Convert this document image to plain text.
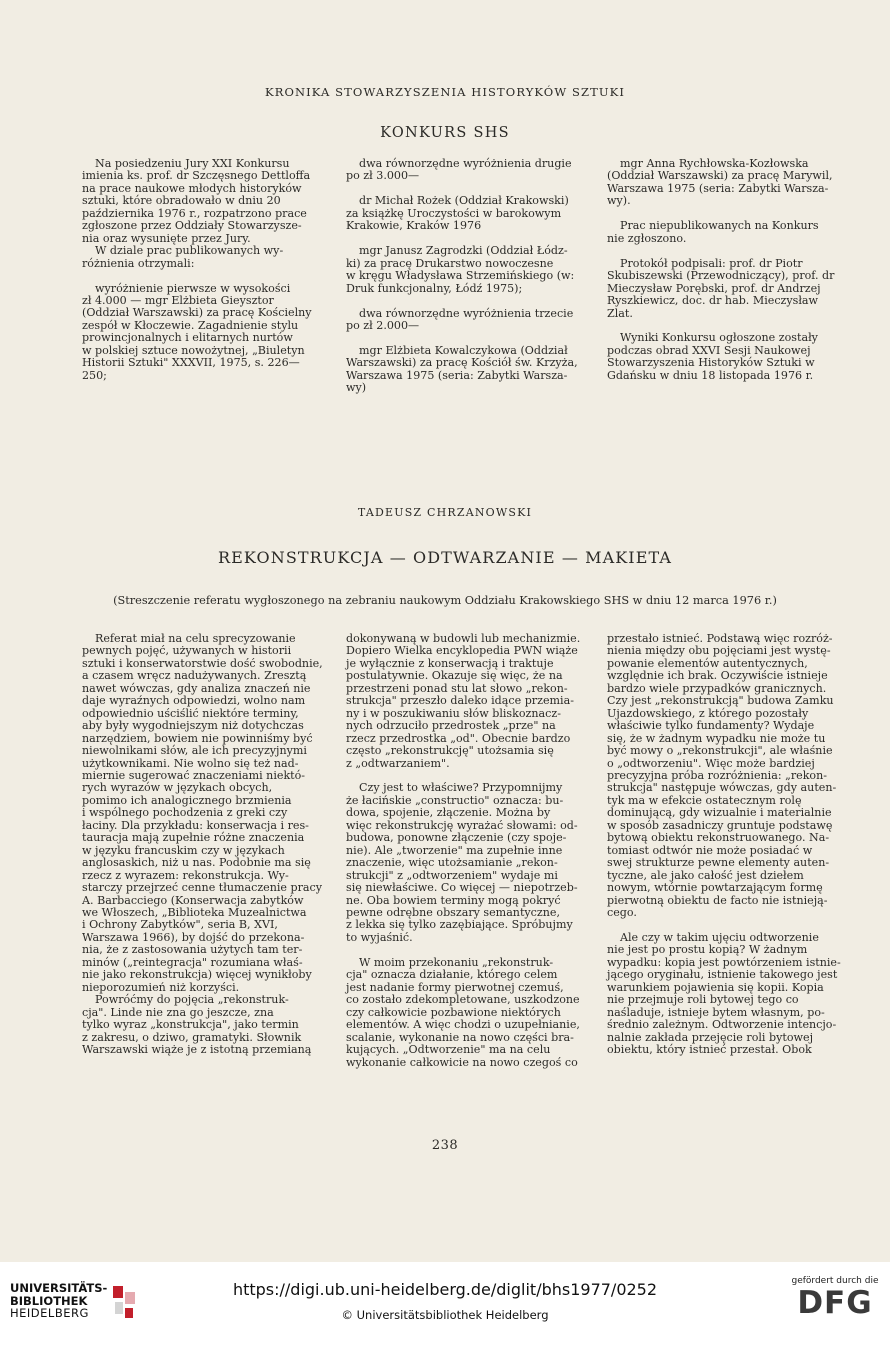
KRONIKA STOWARZYSZENIA HISTORYKÓW SZTUKI
KONKURS SHS

Na posiedzeniu Jury XXI Konkursu

imienia ks. prof. dr Szczęsnego Dettloffa

na prace naukowe młodych historyków

sztuki, które obradowało w dniu 20

października 1976 r., rozpatrzono prace

zgłoszone przez Oddziały Stowarzysze-

nia oraz wysunięte przez Jury.

W dziale prac publikowanych wy-

różnienia otrzymali:

wyróżnienie pierwsze w wysokości

zł 4.000 — mgr Elżbieta Gieysztor

(Oddział Warszawski) za pracę Kościelny

zespół w Kłoczewie. Zagadnienie stylu

prowincjonalnych i elitarnych nurtów

w polskiej sztuce nowożytnej, „Biuletyn

Historii Sztuki" XXXVII, 1975, s. 226—

250;

dwa równorzędne wyróżnienia drugie

po zł 3.000—

dr Michał Rożek (Oddział Krakowski)

za książkę Uroczystości w barokowym

Krakowie, Kraków 1976

mgr Janusz Zagrodzki (Oddział Łódz-

ki) za pracę Drukarstwo nowoczesne

w kręgu Władysława Strzemińskiego (w:

Druk funkcjonalny, Łódź 1975);

dwa równorzędne wyróżnienia trzecie

po zł 2.000—

mgr Elżbieta Kowalczykowa (Oddział

Warszawski) za pracę Kościół św. Krzyża,

Warszawa 1975 (seria: Zabytki Warsza-

wy)

mgr Anna Rychłowska-Kozłowska

(Oddział Warszawski) za pracę Marywil,

Warszawa 1975 (seria: Zabytki Warsza-

wy).

Prac niepublikowanych na Konkurs

nie zgłoszono.

Protokół podpisali: prof. dr Piotr

Skubiszewski (Przewodniczący), prof. dr

Mieczysław Porębski, prof. dr Andrzej

Ryszkiewicz, doc. dr hab. Mieczysław

Zlat.

Wyniki Konkursu ogłoszone zostały

podczas obrad XXVI Sesji Naukowej

Stowarzyszenia Historyków Sztuki w

Gdańsku w dniu 18 listopada 1976 r.

TADEUSZ CHRZANOWSKI
REKONSTRUKCJA — ODTWARZANIE — MAKIETA
(Streszczenie referatu wygłoszonego na zebraniu naukowym Oddziału Krakowskiego SHS w dniu 12 marca 1976 r.)

Referat miał na celu sprecyzowanie

pewnych pojęć, używanych w historii

sztuki i konserwatorstwie dość swobodnie,

a czasem wręcz nadużywanych. Zresztą

nawet wówczas, gdy analiza znaczeń nie

daje wyraźnych odpowiedzi, wolno nam

odpowiednio uściślić niektóre terminy,

aby były wygodniejszym niż dotychczas

narzędziem, bowiem nie powinniśmy być

niewolnikami słów, ale ich precyzyjnymi

użytkownikami. Nie wolno się też nad-

miernie sugerować znaczeniami niektó-

rych wyrazów w językach obcych,

pomimo ich analogicznego brzmienia

i wspólnego pochodzenia z greki czy

łaciny. Dla przykładu: konserwacja i res-

tauracja mają zupełnie różne znaczenia

w języku francuskim czy w językach

anglosaskich, niż u nas. Podobnie ma się

rzecz z wyrazem: rekonstrukcja. Wy-

starczy przejrzeć cenne tłumaczenie pracy

A. Barbacciego (Konserwacja zabytków

we Włoszech, „Biblioteka Muzealnictwa

i Ochrony Zabytków", seria B, XVI,

Warszawa 1966), by dojść do przekona-

nia, że z zastosowania użytych tam ter-

minów („reintegracja" rozumiana właś-

nie jako rekonstrukcja) więcej wynikłoby

nieporozumień niż korzyści.

Powróćmy do pojęcia „rekonstruk-

cja". Linde nie zna go jeszcze, zna

tylko wyraz „konstrukcja", jako termin

z zakresu, o dziwo, gramatyki. Słownik

Warszawski wiąże je z istotną przemianą

dokonywaną w budowli lub mechanizmie.

Dopiero Wielka encyklopedia PWN wiąże

je wyłącznie z konserwacją i traktuje

postulatywnie. Okazuje się więc, że na

przestrzeni ponad stu lat słowo „rekon-

strukcja" przeszło daleko idące przemia-

ny i w poszukiwaniu słów bliskoznacz-

nych odrzuciło przedrostek „prze" na

rzecz przedrostka „od". Obecnie bardzo

często „rekonstrukcję" utożsamia się

z „odtwarzaniem".

Czy jest to właściwe? Przypomnijmy

że łacińskie „constructio" oznacza: bu-

dowa, spojenie, złączenie. Można by

więc rekonstrukcję wyrażać słowami: od-

budowa, ponowne złączenie (czy spoje-

nie). Ale „tworzenie" ma zupełnie inne

znaczenie, więc utożsamianie „rekon-

strukcji" z „odtworzeniem" wydaje mi

się niewłaściwe. Co więcej — niepotrzeb-

ne. Oba bowiem terminy mogą pokryć

pewne odrębne obszary semantyczne,

z lekka się tylko zazębiające. Spróbujmy

to wyjaśnić.

W moim przekonaniu „rekonstruk-

cja" oznacza działanie, którego celem

jest nadanie formy pierwotnej czemuś,

co zostało zdekompletowane, uszkodzone

czy całkowicie pozbawione niektórych

elementów. A więc chodzi o uzupełnianie,

scalanie, wykonanie na nowo części bra-

kujących. „Odtworzenie" ma na celu

wykonanie całkowicie na nowo czegoś co

przestało istnieć. Podstawą więc rozróż-

nienia między obu pojęciami jest wystę-

powanie elementów autentycznych,

względnie ich brak. Oczywiście istnieje

bardzo wiele przypadków granicznych.

Czy jest „rekonstrukcją" budowa Zamku

Ujazdowskiego, z którego pozostały

właściwie tylko fundamenty? Wydaje

się, że w żadnym wypadku nie może tu

być mowy o „rekonstrukcji", ale właśnie

o „odtworzeniu". Więc może bardziej

precyzyjna próba rozróżnienia: „rekon-

strukcja" następuje wówczas, gdy auten-

tyk ma w efekcie ostatecznym rolę

dominującą, gdy wizualnie i materialnie

w sposób zasadniczy gruntuje podstawę

bytową obiektu rekonstruowanego. Na-

tomiast odtwór nie może posiadać w

swej strukturze pewne elementy auten-

tyczne, ale jako całość jest dziełem

nowym, wtórnie powtarzającym formę

pierwotną obiektu de facto nie istnieją-

cego.

Ale czy w takim ujęciu odtworzenie

nie jest po prostu kopią? W żadnym

wypadku: kopia jest powtórzeniem istnie-

jącego oryginału, istnienie takowego jest

warunkiem pojawienia się kopii. Kopia

nie przejmuje roli bytowej tego co

naśladuje, istnieje bytem własnym, po-

średnio zależnym. Odtworzenie intencjo-

nalnie zakłada przejęcie roli bytowej

obiektu, który istnieć przestał. Obok

238
UNIVERSITÄTS-
BIBLIOTHEK
HEIDELBERG
https://digi.ub.uni-heidelberg.de/diglit/bhs1977/0252
© Universitätsbibliothek Heidelberg
gefördert durch die
DFG
